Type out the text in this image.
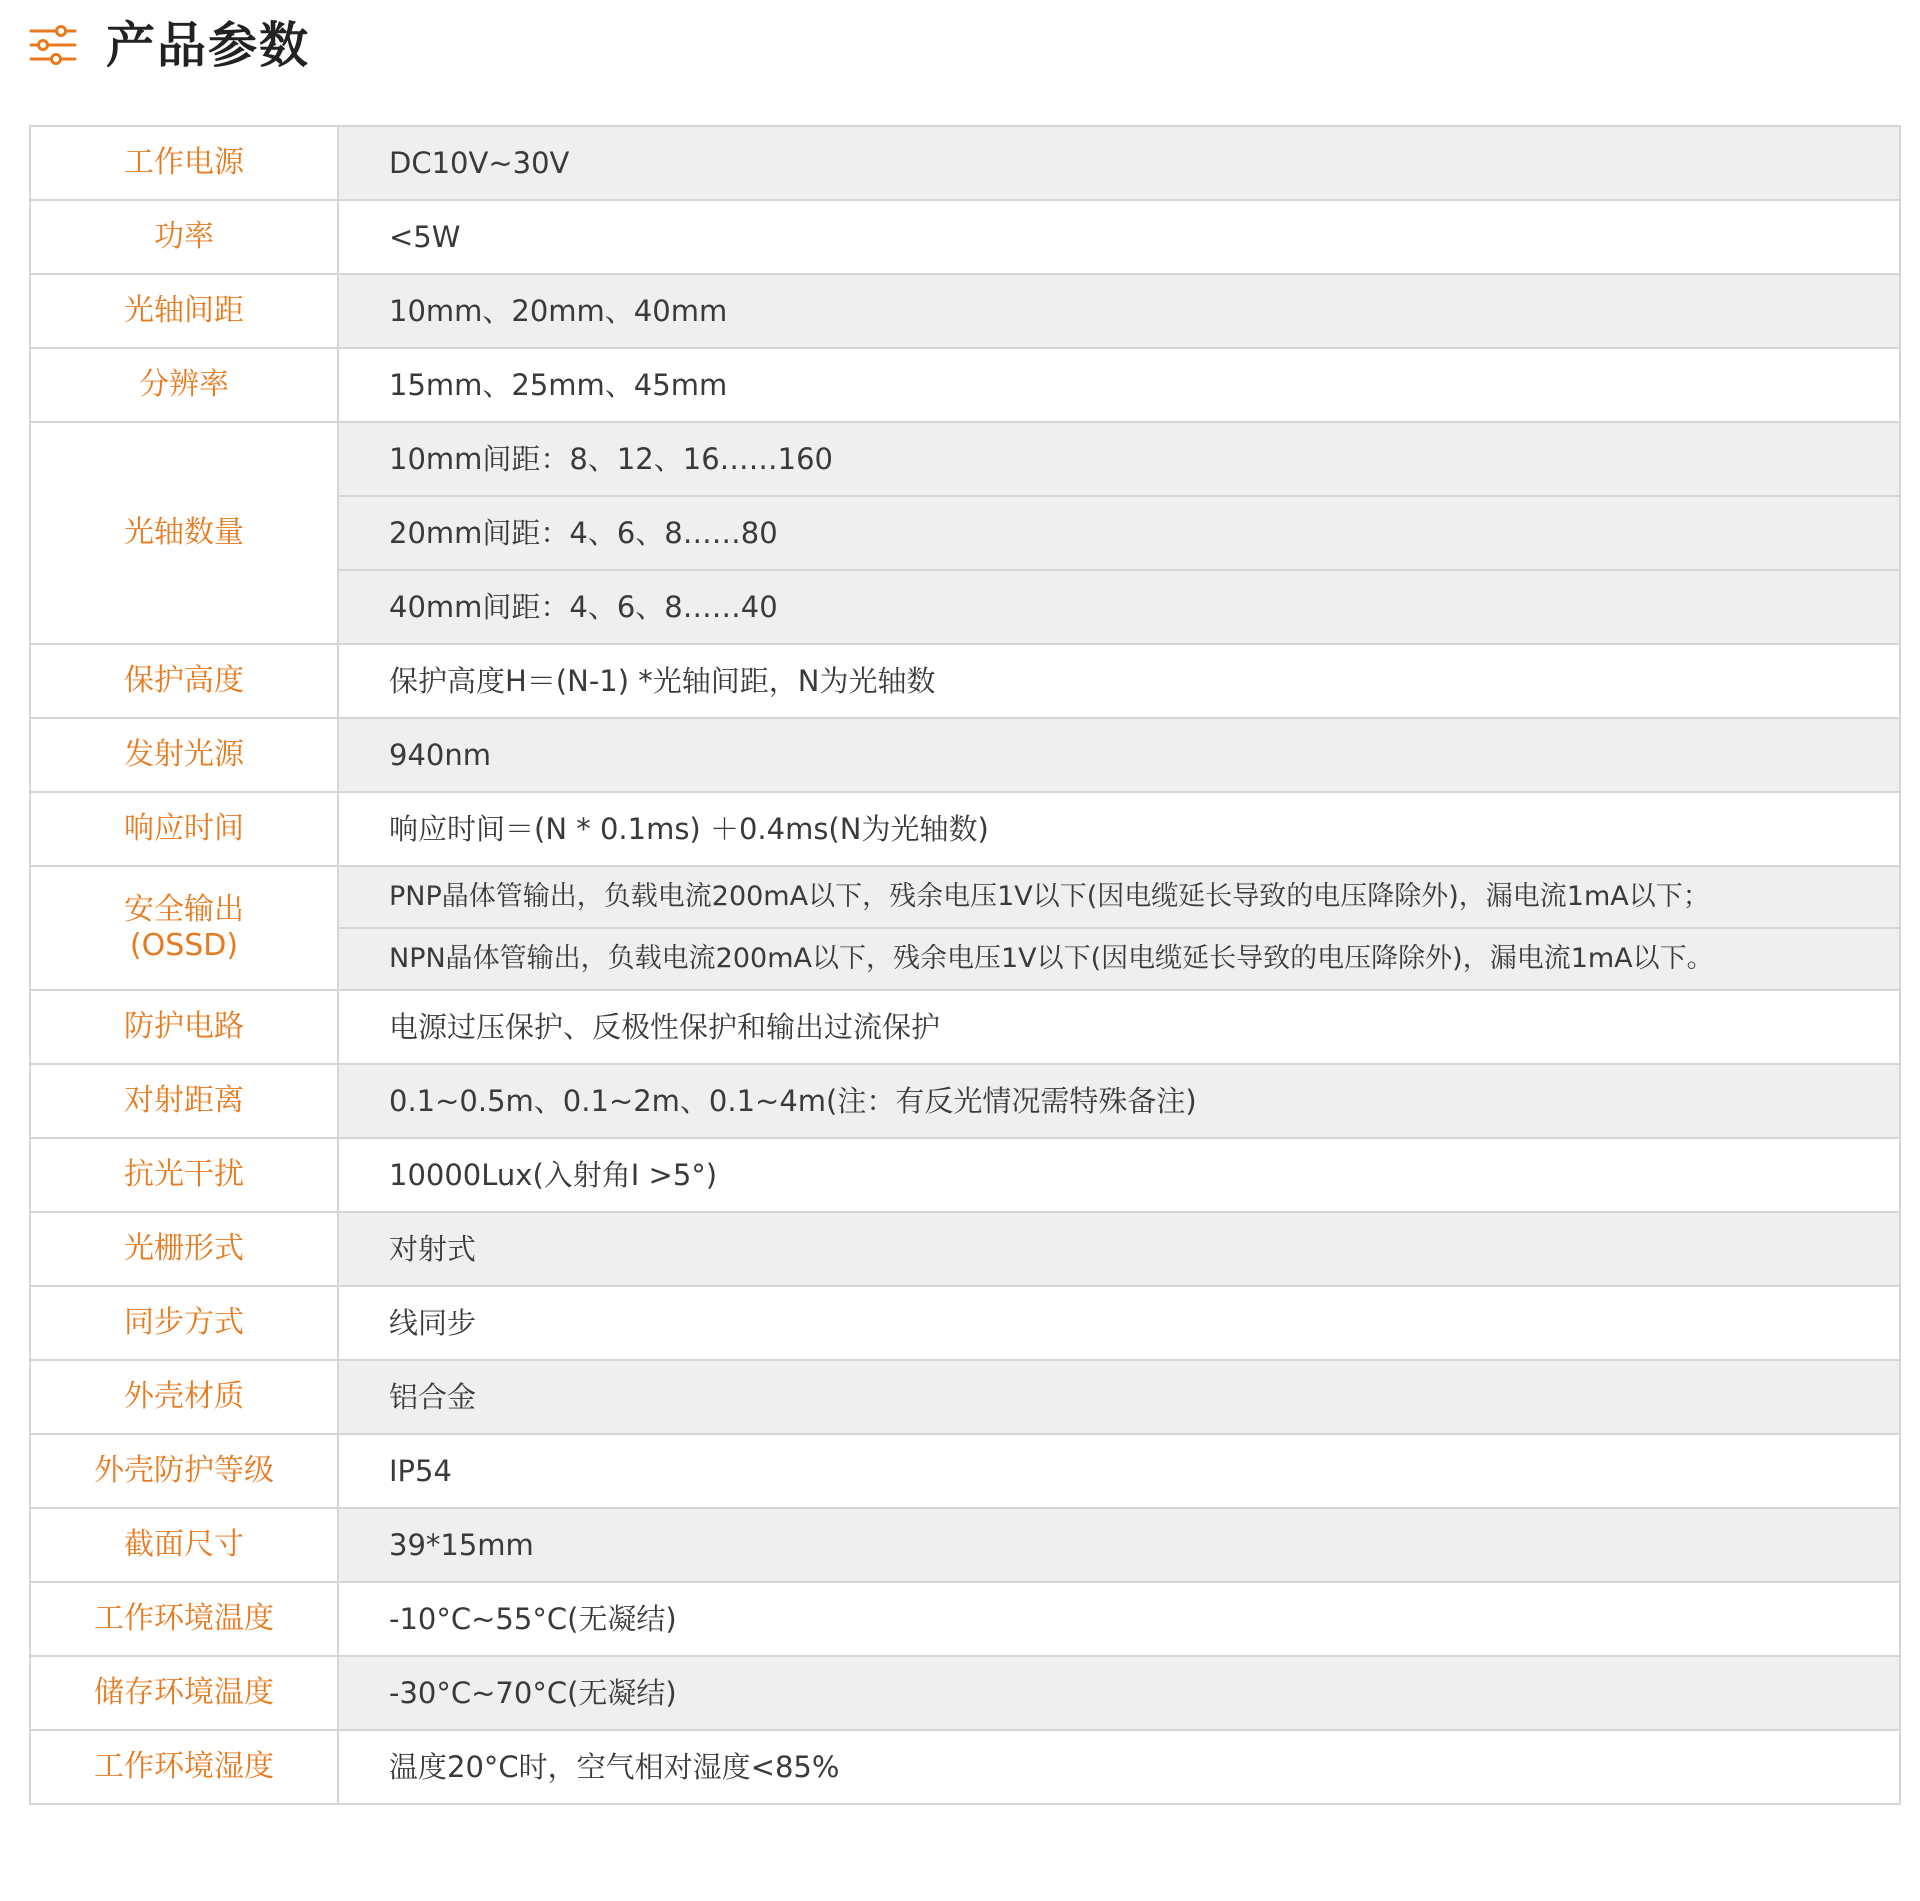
产品参数
工作电源	DC10V~30V
功率	<5W
光轴间距	10mm、20mm、40mm
分辨率	15mm、25mm、45mm
光轴数量	10mm间距：8、12、16……160
	20mm间距：4、6、8……80
	40mm间距：4、6、8……40
保护高度	保护高度H＝(N-1) *光轴间距，N为光轴数
发射光源	940nm
响应时间	响应时间＝(N * 0.1ms) ＋0.4ms(N为光轴数)

安全输出
(OSSD)	PNP晶体管输出，负载电流200mA以下，残余电压1V以下(因电缆延长导致的电压降除外)，漏电流1mA以下；
	NPN晶体管输出，负载电流200mA以下，残余电压1V以下(因电缆延长导致的电压降除外)，漏电流1mA以下。
防护电路	电源过压保护、反极性保护和输出过流保护
对射距离	0.1~0.5m、0.1~2m、0.1~4m(注：有反光情况需特殊备注)
抗光干扰	10000Lux(入射角I >5°)
光栅形式	对射式
同步方式	线同步
外壳材质	铝合金
外壳防护等级	IP54
截面尺寸	39*15mm
工作环境温度	-10°C~55°C(无凝结)
储存环境温度	-30°C~70°C(无凝结)
工作环境湿度	温度20°C时，空气相对湿度<85%
